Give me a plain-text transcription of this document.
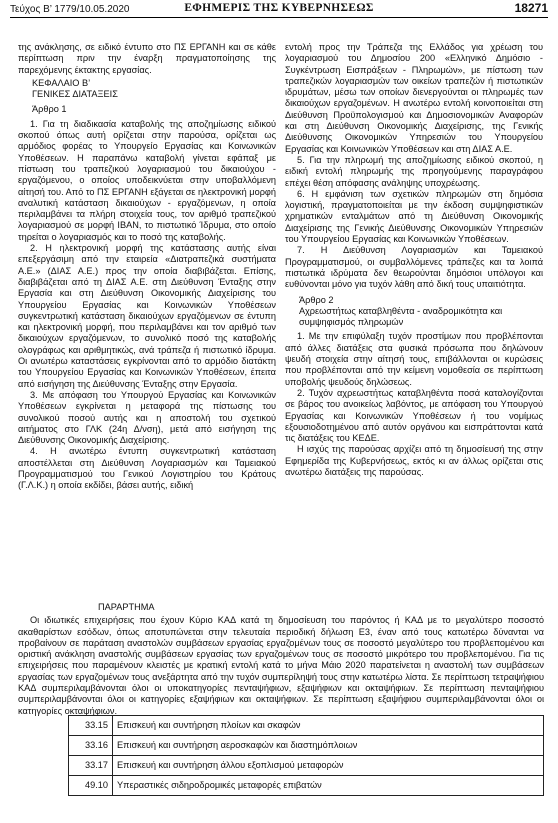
Τεύχος Β’ 1779/10.05.2020	ΕΦΗΜΕΡΙΣ ΤΗΣ ΚΥΒΕΡΝΗΣΕΩΣ	18271
της ανάκλησης, σε ειδικό έντυπο στο ΠΣ ΕΡΓΑΝΗ και σε κάθε περίπτωση πριν την έναρξη πραγματοποίησης της παρεχόμενης έκτακτης εργασίας.
ΚΕΦΑΛΑΙΟ Β’
ΓΕΝΙΚΕΣ ΔΙΑΤΑΞΕΙΣ
Άρθρο 1
1. Για τη διαδικασία καταβολής της αποζημίωσης ειδικού σκοπού όπως αυτή ορίζεται στην παρούσα, ορίζεται ως αρμόδιος φορέας το Υπουργείο Εργασίας και Κοινωνικών Υποθέσεων. Η παραπάνω καταβολή γίνεται εφάπαξ με πίστωση του τραπεζικού λογαριασμού του δικαιούχου - εργαζόμενου, ο οποίος υποδεικνύεται στην υποβαλλόμενη αίτησή του. Από το ΠΣ ΕΡΓΑΝΗ εξάγεται σε ηλεκτρονική μορφή αναλυτική κατάσταση δικαιούχων - εργαζόμενων, η οποία περιλαμβάνει τα πλήρη στοιχεία τους, τον αριθμό τραπεζικού λογαριασμού σε μορφή IBAN, το πιστωτικό Ίδρυμα, στο οποίο τηρείται ο λογαριασμός και το ποσό της καταβολής.
2. Η ηλεκτρονική μορφή της κατάστασης αυτής είναι επεξεργάσιμη από την εταιρεία «Διατραπεζικά συστήματα Α.Ε.» (ΔΙΑΣ Α.Ε.) προς την οποία διαβιβάζεται. Επίσης, διαβιβάζεται από τη ΔΙΑΣ Α.Ε. στη Διεύθυνση Ένταξης στην Εργασία και στη Διεύθυνση Οικονομικής Διαχείρισης του Υπουργείου Εργασίας και Κοινωνικών Υποθέσεων συγκεντρωτική κατάσταση δικαιούχων εργαζόμενων σε έντυπη και ηλεκτρονική μορφή, που περιλαμβάνει και τον αριθμό των δικαιούχων εργαζόμενων, το συνολικό ποσό της καταβολής ολογράφως και αριθμητικώς, ανά τράπεζα ή πιστωτικό ίδρυμα. Οι ανωτέρω καταστάσεις εγκρίνονται από το αρμόδιο διατάκτη του Υπουργείου Εργασίας και Κοινωνικών Υποθέσεων, έπειτα από εισήγηση της Διεύθυνσης Ένταξης στην Εργασία.
3. Με απόφαση του Υπουργού Εργασίας και Κοινωνικών Υποθέσεων εγκρίνεται η μεταφορά της πίστωσης του συνολικού ποσού αυτής και η αποστολή του σχετικού αιτήματος στο ΓΛΚ (24η Δ/νση), μετά από εισήγηση της Διεύθυνσης Οικονομικής Διαχείρισης.
4. Η ανωτέρω έντυπη συγκεντρωτική κατάσταση αποστέλλεται στη Διεύθυνση Λογαριασμών και Ταμειακού Προγραμματισμού του Γενικού Λογιστηρίου του Κράτους (Γ.Λ.Κ.) η οποία εκδίδει, βάσει αυτής, ειδική
εντολή προς την Τράπεζα της Ελλάδος για χρέωση του λογαριασμού του Δημοσίου 200 «Ελληνικό Δημόσιο - Συγκέντρωση Εισπράξεων - Πληρωμών», με πίστωση των τραπεζικών λογαριασμών των οικείων τραπεζών ή πιστωτικών ιδρυμάτων, μέσω των οποίων διενεργούνται οι πληρωμές των δικαιούχων εργαζομένων. Η ανωτέρω εντολή κοινοποιείται στη Διεύθυνση Προϋπολογισμού και Δημοσιονομικών Αναφορών και στη Διεύθυνση Οικονομικής Διαχείρισης, της Γενικής Διεύθυνσης Οικονομικών Υπηρεσιών του Υπουργείου Εργασίας και Κοινωνικών Υποθέσεων και στη ΔΙΑΣ Α.Ε.
5. Για την πληρωμή της αποζημίωσης ειδικού σκοπού, η ειδική εντολή πληρωμής της προηγούμενης παραγράφου επέχει θέση απόφασης ανάληψης υποχρέωσης.
6. Η εμφάνιση των σχετικών πληρωμών στη δημόσια λογιστική, πραγματοποιείται με την έκδοση συμψηφιστικών χρηματικών ενταλμάτων από τη Διεύθυνση Οικονομικής Διαχείρισης της Γενικής Διεύθυνσης Οικονομικών Υπηρεσιών του Υπουργείου Εργασίας και Κοινωνικών Υποθέσεων.
7. Η Διεύθυνση Λογαριασμών και Ταμειακού Προγραμματισμού, οι συμβαλλόμενες τράπεζες και τα λοιπά πιστωτικά ιδρύματα δεν θεωρούνται δημόσιοι υπόλογοι και ευθύνονται μόνο για τυχόν λάθη από δική τους υπαιτιότητα.
Άρθρο 2
Αχρεωστήτως καταβληθέντα - αναδρομικότητα και συμψηφισμός πληρωμών
1. Με την επιφύλαξη τυχόν προστίμων που προβλέπονται από άλλες διατάξεις στα φυσικά πρόσωπα που δηλώνουν ψευδή στοιχεία στην αίτησή τους, επιβάλλονται οι κυρώσεις που προβλέπονται από την κείμενη νομοθεσία σε περίπτωση υποβολής ψευδούς δηλώσεως.
2. Τυχόν αχρεωστήτως καταβληθέντα ποσά καταλογίζονται σε βάρος του ανοικείως λαβόντος, με απόφαση του Υπουργού Εργασίας και Κοινωνικών Υποθέσεων ή του νομίμως εξουσιοδοτημένου από αυτόν οργάνου και εισπράττονται κατά τις διατάξεις του ΚΕΔΕ.
Η ισχύς της παρούσας αρχίζει από τη δημοσίευσή της στην Εφημερίδα της Κυβερνήσεως, εκτός κι αν άλλως ορίζεται στις ανωτέρω διατάξεις της παρούσας.
ΠΑΡΑΡΤΗΜΑ
Οι ιδιωτικές επιχειρήσεις που έχουν Κύριο ΚΑΔ κατά τη δημοσίευση του παρόντος ή ΚΑΔ με το μεγαλύτερο ποσοστό ακαθαρίστων εσόδων, όπως αποτυπώνεται στην τελευταία περιοδική δήλωση Ε3, έναν από τους κατωτέρω δύνανται να προβαίνουν σε παράταση αναστολών συμβάσεων εργασίας εργαζομένων τους σε ποσοστό μεγαλύτερο του προβλεπομένου και οριστική ανάκληση αναστολής συμβάσεων εργασίας των εργαζομένων τους σε ποσοστό μικρότερο του προβλεπομένου. Για τις επιχειρήσεις που παραμένουν κλειστές με κρατική εντολή κατά το μήνα Μάιο 2020 παρατείνεται η αναστολή των συμβάσεων εργασίας των εργαζομένων τους ανεξάρτητα από την τυχόν συμπερίληψή τους στην κατωτέρω λίστα. Σε περίπτωση τετραψήφιου ΚΑΔ συμπεριλαμβάνονται όλοι οι υποκατηγορίες πενταψήφιων, εξαψήφιων και οκταψήφιων. Σε περίπτωση πενταψήφιου συμπεριλαμβάνονται όλοι οι κατηγορίες εξαψήφιων και οκταψήφιων. Σε περίπτωση εξαψήφιου συμπεριλαμβάνονται όλοι οι κατηγορίες οκταψήφιων.
33.15	Επισκευή και συντήρηση πλοίων και σκαφών
33.16	Επισκευή και συντήρηση αεροσκαφών και διαστημόπλοιων
33.17	Επισκευή και συντήρηση άλλου εξοπλισμού μεταφορών
49.10	Υπεραστικές σιδηροδρομικές μεταφορές επιβατών
